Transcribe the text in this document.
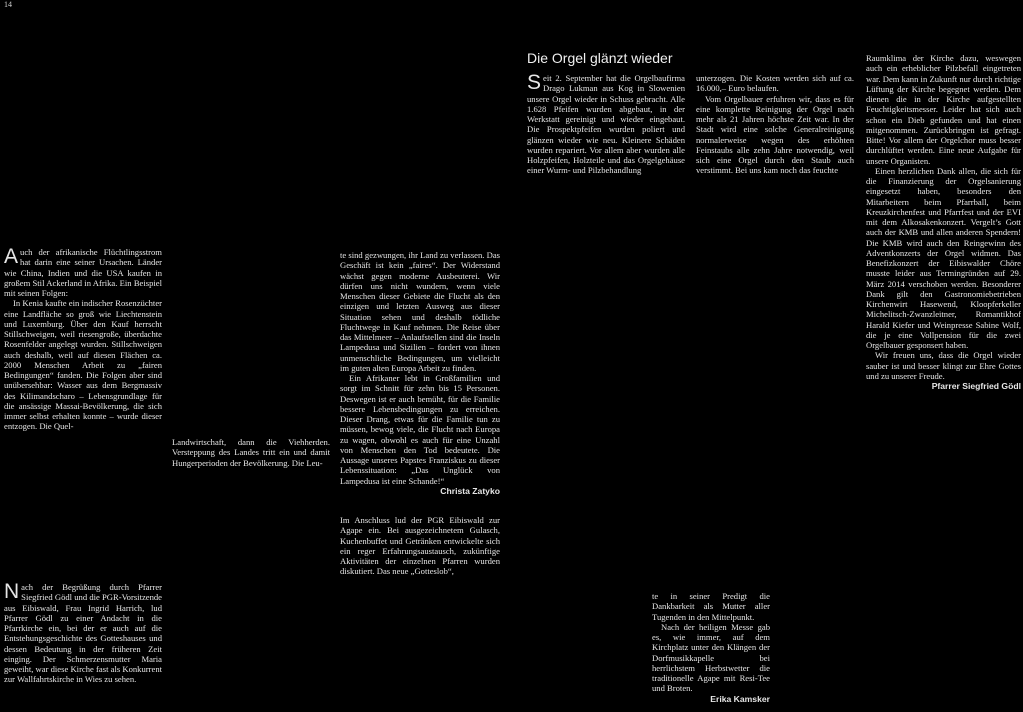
14

Auch der afrikanische Flüchtlingsstrom hat darin eine seiner Ursachen. Länder wie China, Indien und die USA kaufen in großem Stil Ackerland in Afrika. Ein Beispiel mit seinen Folgen:

In Kenia kaufte ein indischer Rosenzüchter eine Landfläche so groß wie Liechtenstein und Luxemburg. Über den Kauf herrscht Stillschweigen, weil riesengroße, überdachte Rosenfelder angelegt wurden. Stillschweigen auch deshalb, weil auf diesen Flächen ca. 2000 Menschen Arbeit zu „fairen Bedingungen“ fanden. Die Folgen aber sind unübersehbar: Wasser aus dem Bergmassiv des Kilimandscharo – Lebensgrundlage für die ansässige Massai-Bevölkerung, die sich immer selbst erhalten konnte – wurde dieser entzogen. Die Quel-

Landwirtschaft, dann die Viehherden. Versteppung des Landes tritt ein und damit Hungerperioden der Bevölkerung. Die Leu-

te sind gezwungen, ihr Land zu verlassen. Das Geschäft ist kein „faires“. Der Widerstand wächst gegen moderne Ausbeuterei. Wir dürfen uns nicht wundern, wenn viele Menschen dieser Gebiete die Flucht als den einzigen und letzten Ausweg aus dieser Situation sehen und deshalb tödliche Fluchtwege in Kauf nehmen. Die Reise über das Mittelmeer – Anlaufstellen sind die Inseln Lampedusa und Sizilien – fordert von ihnen unmenschliche Bedingungen, um vielleicht im guten alten Europa Arbeit zu finden.

Ein Afrikaner lebt in Großfamilien und sorgt im Schnitt für zehn bis 15 Personen. Deswegen ist er auch bemüht, für die Familie bessere Lebensbedingungen zu erreichen. Dieser Drang, etwas für die Familie tun zu müssen, bewog viele, die Flucht nach Europa zu wagen, obwohl es auch für eine Unzahl von Menschen den Tod bedeutete. Die Aussage unseres Papstes Franziskus zu dieser Lebenssituation: „Das Unglück von Lampedusa ist eine Schande!“

Christa Zatyko

Die Orgel glänzt wieder

Seit 2. September hat die Orgelbaufirma Drago Lukman aus Kog in Slowenien unsere Orgel wieder in Schuss gebracht. Alle 1.628 Pfeifen wurden abgebaut, in der Werkstatt gereinigt und wieder eingebaut. Die Prospektpfeifen wurden poliert und glänzen wieder wie neu. Kleinere Schäden wurden repariert. Vor allem aber wurden alle Holzpfeifen, Holzteile und das Orgelgehäuse einer Wurm- und Pilzbehandlung

unterzogen. Die Kosten werden sich auf ca. 16.000,– Euro belaufen.

Vom Orgelbauer erfuhren wir, dass es für eine komplette Reinigung der Orgel nach mehr als 21 Jahren höchste Zeit war. In der Stadt wird eine solche Generalreinigung normalerweise wegen des erhöhten Feinstaubs alle zehn Jahre notwendig, weil sich eine Orgel durch den Staub auch verstimmt. Bei uns kam noch das feuchte

Raumklima der Kirche dazu, weswegen auch ein erheblicher Pilzbefall eingetreten war. Dem kann in Zukunft nur durch richtige Lüftung der Kirche begegnet werden. Dem dienen die in der Kirche aufgestellten Feuchtigkeitsmesser. Leider hat sich auch schon ein Dieb gefunden und hat einen mitgenommen. Zurückbringen ist gefragt. Bitte! Vor allem der Orgelchor muss besser durchlüftet werden. Eine neue Aufgabe für unsere Organisten.

Einen herzlichen Dank allen, die sich für die Finanzierung der Orgelsanierung eingesetzt haben, besonders den Mitarbeitern beim Pfarrball, beim Kreuzkirchenfest und Pfarrfest und der EVI mit dem Alkosakenkonzert. Vergelt’s Gott auch der KMB und allen anderen Spendern! Die KMB wird auch den Reingewinn des Adventkonzerts der Orgel widmen. Das Benefizkonzert der Eibiswalder Chöre musste leider aus Termingründen auf 29. März 2014 verschoben werden. Besonderer Dank gilt den Gastronomiebetrieben Kirchenwirt Hasewend, Kloopferkeller Michelitsch-Zwanzleitner, Romantikhof Harald Kiefer und Weinpresse Sabine Wolf, die je eine Vollpension für die zwei Orgelbauer gesponsert haben.

Wir freuen uns, dass die Orgel wieder sauber ist und besser klingt zur Ehre Gottes und zu unserer Freude.

Pfarrer Siegfried Gödl

Nach der Begrüßung durch Pfarrer Siegfried Gödl und die PGR-Vorsitzende aus Eibiswald, Frau Ingrid Harrich, lud Pfarrer Gödl zu einer Andacht in die Pfarrkirche ein, bei der er auch auf die Entstehungsgeschichte des Gotteshauses und dessen Bedeutung in der früheren Zeit einging. Der Schmerzensmutter Maria geweiht, war diese Kirche fast als Konkurrent zur Wallfahrtskirche in Wies zu sehen.

Im Anschluss lud der PGR Eibiswald zur Agape ein. Bei ausgezeichnetem Gulasch, Kuchenbuffet und Getränken entwickelte sich ein reger Erfahrungsaustausch, zukünftige Aktivitäten der einzelnen Pfarren wurden diskutiert. Das neue „Gotteslob“,

te in seiner Predigt die Dankbarkeit als Mutter aller Tugenden in den Mittelpunkt.

Nach der heiligen Messe gab es, wie immer, auf dem Kirchplatz unter den Klängen der Dorfmusikkapelle bei herrlichstem Herbstwetter die traditionelle Agape mit Resi-Tee und Broten.

Erika Kamsker
